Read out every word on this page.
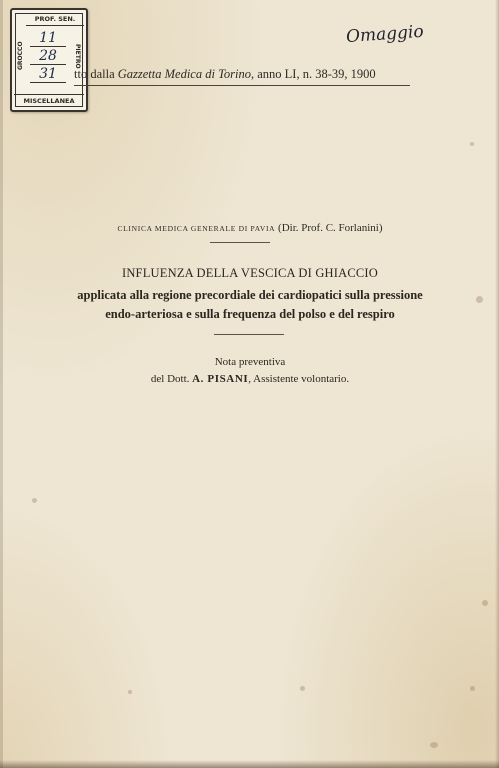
PROF. SEN.
GROCCO	PIETRO
11
28
31
MISCELLANEA
Omaggio
tto dalla Gazzetta Medica di Torino, anno LI, n. 38-39, 1900
CLINICA MEDICA GENERALE DI PAVIA (Dir. Prof. C. Forlanini)
INFLUENZA DELLA VESCICA DI GHIACCIO
applicata alla regione precordiale dei cardiopatici sulla pressione
endo-arteriosa e sulla frequenza del polso e del respiro
Nota preventiva
del Dott. A. PISANI, Assistente volontario.
